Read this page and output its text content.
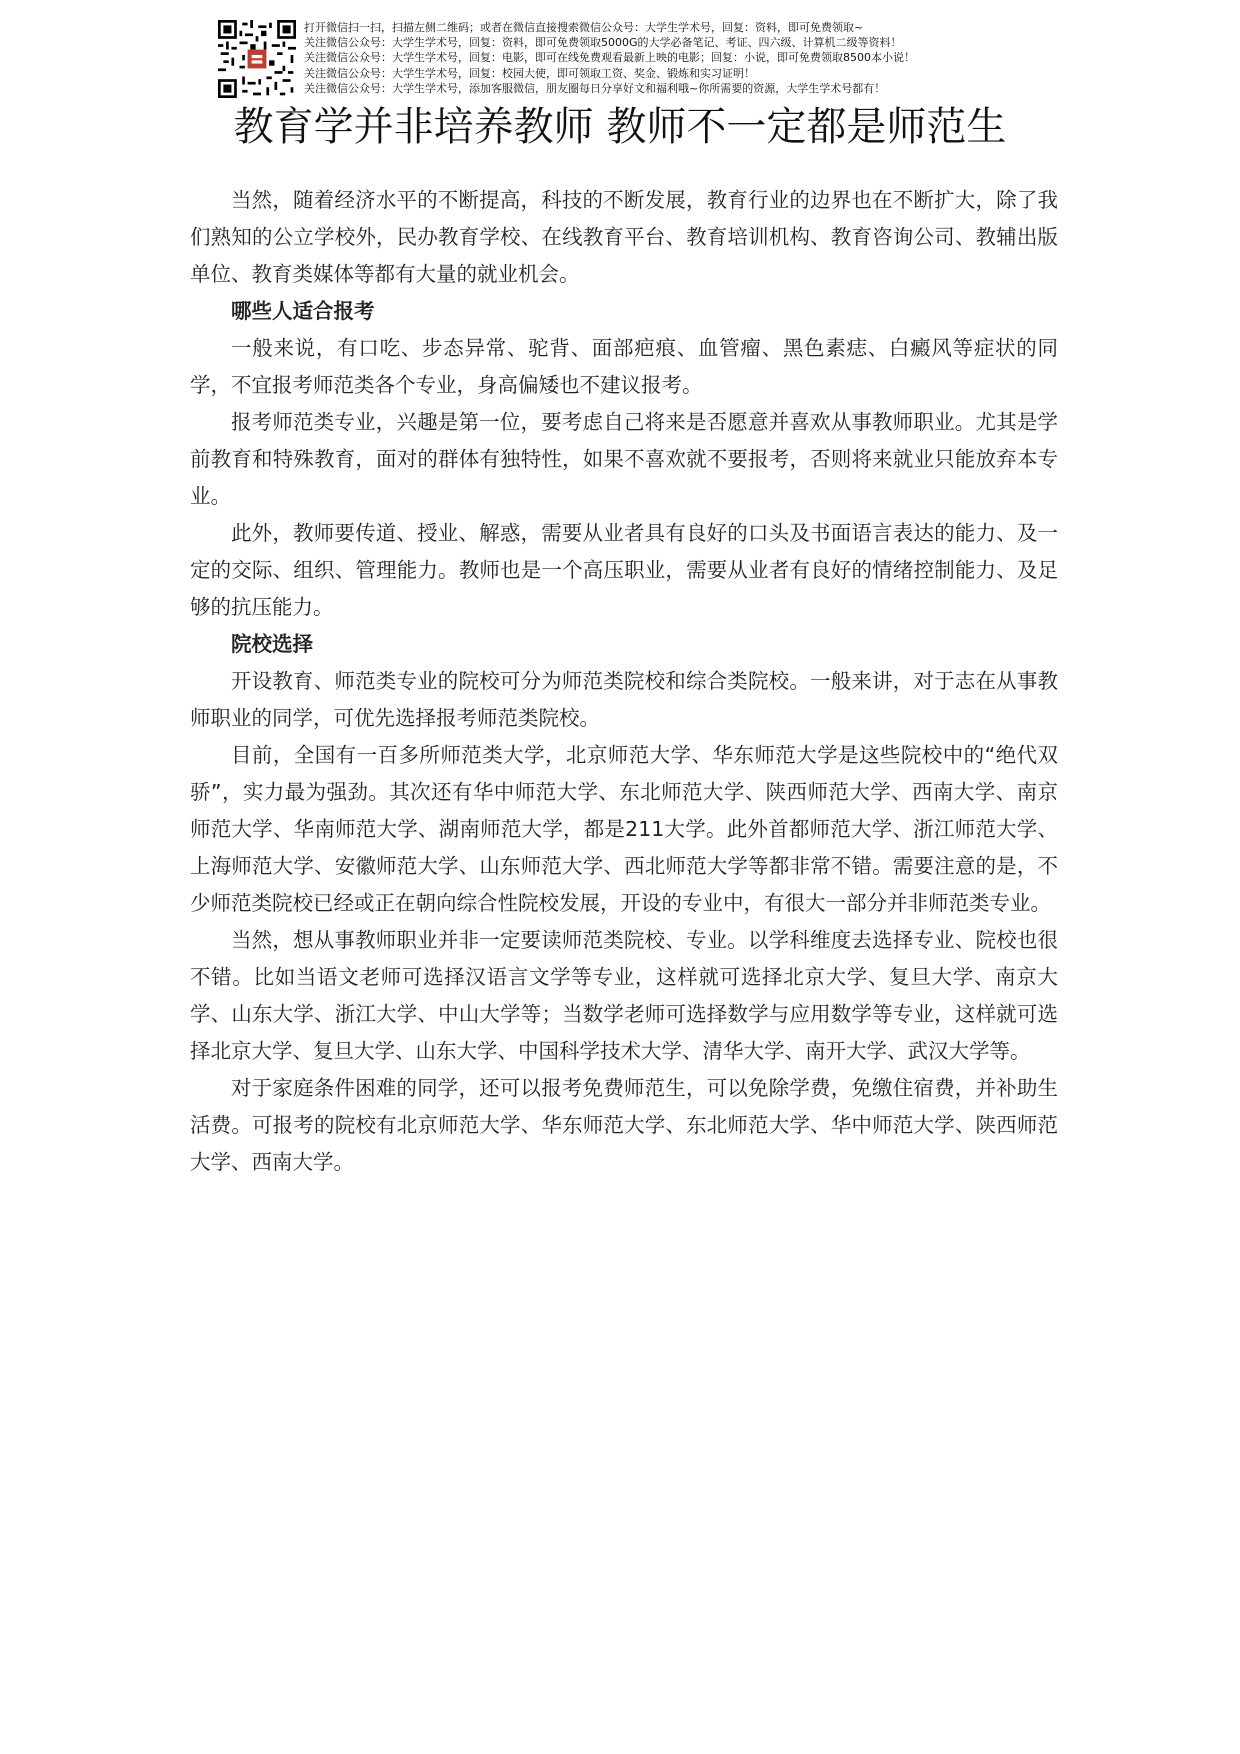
打开微信扫一扫，扫描左侧二维码；或者在微信直接搜索微信公众号：大学生学术号，回复：资料，即可免费领取~
关注微信公众号：大学生学术号，回复：资料，即可免费领取5000G的大学必备笔记、考证、四六级、计算机二级等资料！
关注微信公众号：大学生学术号，回复：电影，即可在线免费观看最新上映的电影；回复：小说，即可免费领取8500本小说！
关注微信公众号：大学生学术号，回复：校园大使，即可领取工资、奖金、锻炼和实习证明！
关注微信公众号：大学生学术号，添加客服微信，朋友圈每日分享好文和福利哦~你所需要的资源，大学生学术号都有！
教育学并非培养教师 教师不一定都是师范生

当然，随着经济水平的不断提高，科技的不断发展，教育行业的边界也在不断扩大，除了我们熟知的公立学校外，民办教育学校、在线教育平台、教育培训机构、教育咨询公司、教辅出版单位、教育类媒体等都有大量的就业机会。

哪些人适合报考

一般来说，有口吃、步态异常、驼背、面部疤痕、血管瘤、黑色素痣、白癜风等症状的同学，不宜报考师范类各个专业，身高偏矮也不建议报考。

报考师范类专业，兴趣是第一位，要考虑自己将来是否愿意并喜欢从事教师职业。尤其是学前教育和特殊教育，面对的群体有独特性，如果不喜欢就不要报考，否则将来就业只能放弃本专业。

此外，教师要传道、授业、解惑，需要从业者具有良好的口头及书面语言表达的能力、及一定的交际、组织、管理能力。教师也是一个高压职业，需要从业者有良好的情绪控制能力、及足够的抗压能力。

院校选择

开设教育、师范类专业的院校可分为师范类院校和综合类院校。一般来讲，对于志在从事教师职业的同学，可优先选择报考师范类院校。

目前，全国有一百多所师范类大学，北京师范大学、华东师范大学是这些院校中的“绝代双骄”，实力最为强劲。其次还有华中师范大学、东北师范大学、陕西师范大学、西南大学、南京师范大学、华南师范大学、湖南师范大学，都是211大学。此外首都师范大学、浙江师范大学、上海师范大学、安徽师范大学、山东师范大学、西北师范大学等都非常不错。需要注意的是，不少师范类院校已经或正在朝向综合性院校发展，开设的专业中，有很大一部分并非师范类专业。

当然，想从事教师职业并非一定要读师范类院校、专业。以学科维度去选择专业、院校也很不错。比如当语文老师可选择汉语言文学等专业，这样就可选择北京大学、复旦大学、南京大学、山东大学、浙江大学、中山大学等；当数学老师可选择数学与应用数学等专业，这样就可选择北京大学、复旦大学、山东大学、中国科学技术大学、清华大学、南开大学、武汉大学等。

对于家庭条件困难的同学，还可以报考免费师范生，可以免除学费，免缴住宿费，并补助生活费。可报考的院校有北京师范大学、华东师范大学、东北师范大学、华中师范大学、陕西师范大学、西南大学。
